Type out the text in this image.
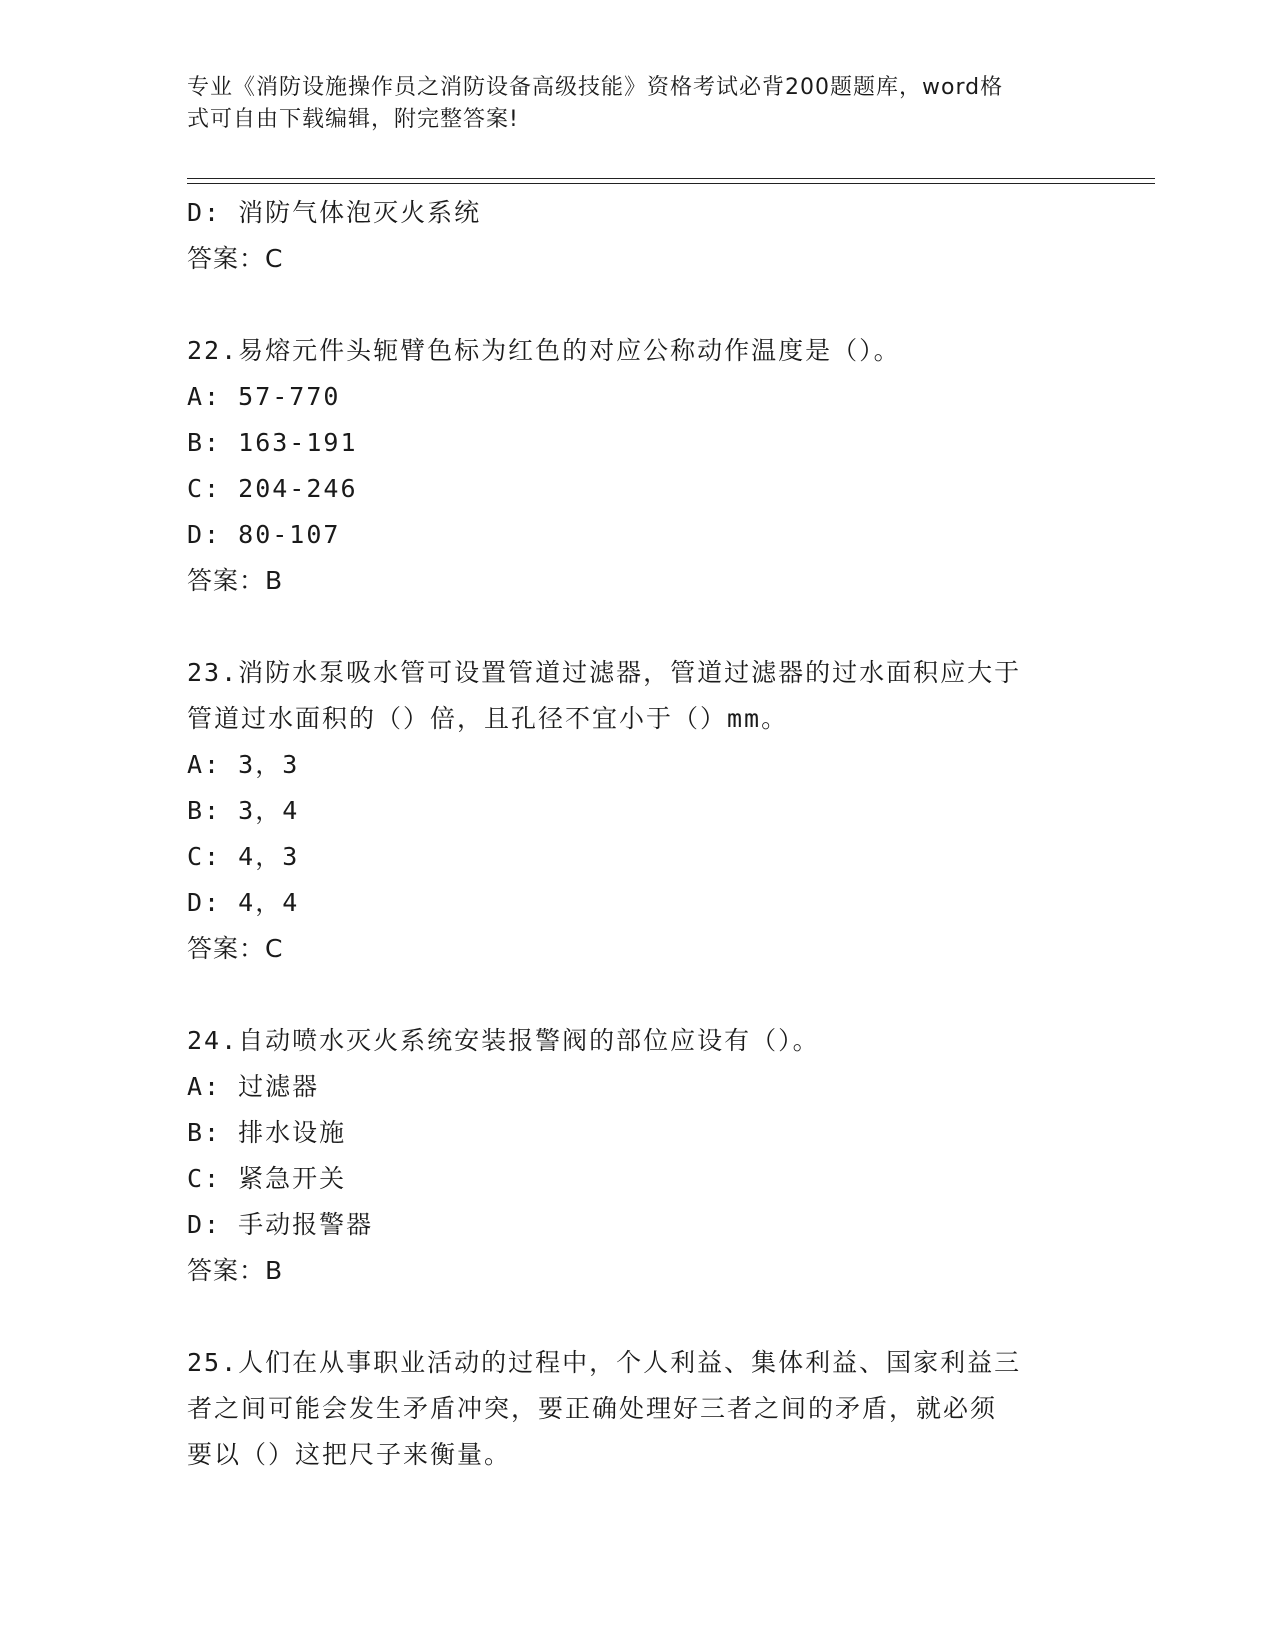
专业《消防设施操作员之消防设备高级技能》资格考试必背200题题库，word格
式可自由下载编辑，附完整答案!
D: 消防气体泡灭火系统
答案：C
22.易熔元件头轭臂色标为红色的对应公称动作温度是（）。
A: 57-770
B: 163-191
C: 204-246
D: 80-107
答案：B
23.消防水泵吸水管可设置管道过滤器，管道过滤器的过水面积应大于
管道过水面积的（）倍，且孔径不宜小于（）mm。
A: 3，3
B: 3，4
C: 4，3
D: 4，4
答案：C
24.自动喷水灭火系统安装报警阀的部位应设有（）。
A: 过滤器
B: 排水设施
C: 紧急开关
D: 手动报警器
答案：B
25.人们在从事职业活动的过程中，个人利益、集体利益、国家利益三
者之间可能会发生矛盾冲突，要正确处理好三者之间的矛盾，就必须
要以（）这把尺子来衡量。
